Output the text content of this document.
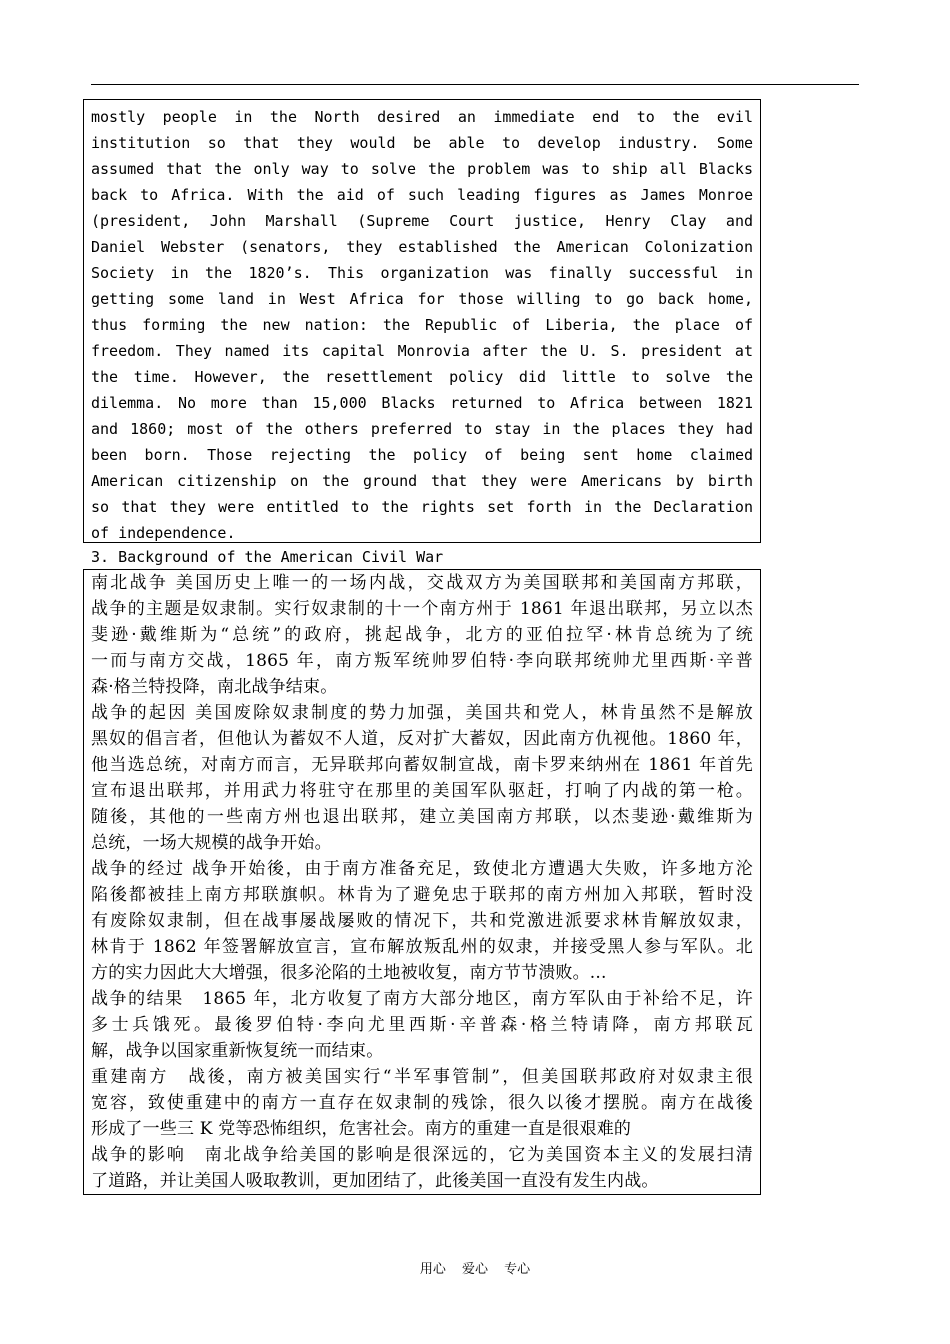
mostly people in the North desired an immediate end to the evil
institution so that they would be able to develop industry. Some
assumed that the only way to solve the problem was to ship all Blacks
back to Africa. With the aid of such leading figures as James Monroe
(president, John Marshall (Supreme Court justice, Henry Clay and
Daniel Webster (senators, they established the American Colonization
Society in the 1820’s. This organization was finally successful in
getting some land in West Africa for those willing to go back home,
thus forming the new nation: the Republic of Liberia, the place of
freedom. They named its capital Monrovia after the U. S. president at
the time. However, the resettlement policy did little to solve the
dilemma. No more than 15,000 Blacks returned to Africa between 1821
and 1860; most of the others preferred to stay in the places they had
been born. Those rejecting the policy of being sent home claimed
American citizenship on the ground that they were Americans by birth
so that they were entitled to the rights set forth in the Declaration
of independence.
3. Background of the American Civil War
南北战争 美国历史上唯一的一场内战，交战双方为美国联邦和美国南方邦联，
战争的主题是奴隶制。实行奴隶制的十一个南方州于 1861 年退出联邦，另立以杰
斐逊·戴维斯为“总统”的政府，挑起战争，北方的亚伯拉罕·林肯总统为了统
一而与南方交战，1865 年，南方叛军统帅罗伯特·李向联邦统帅尤里西斯·辛普
森·格兰特投降，南北战争结束。
战争的起因 美国废除奴隶制度的势力加强，美国共和党人，林肯虽然不是解放
黑奴的倡言者，但他认为蓄奴不人道，反对扩大蓄奴，因此南方仇视他。1860 年，
他当选总统，对南方而言，无异联邦向蓄奴制宣战，南卡罗来纳州在 1861 年首先
宣布退出联邦，并用武力将驻守在那里的美国军队驱赶，打响了内战的第一枪。
随後，其他的一些南方州也退出联邦，建立美国南方邦联，以杰斐逊·戴维斯为
总统，一场大规模的战争开始。
战争的经过 战争开始後，由于南方准备充足，致使北方遭遇大失败，许多地方沦
陷後都被挂上南方邦联旗帜。林肯为了避免忠于联邦的南方州加入邦联，暂时没
有废除奴隶制，但在战事屡战屡败的情况下，共和党激进派要求林肯解放奴隶，
林肯于 1862 年签署解放宣言，宣布解放叛乱州的奴隶，并接受黑人参与军队。北
方的实力因此大大增强，很多沦陷的土地被收复，南方节节溃败。...
战争的结果　1865 年，北方收复了南方大部分地区，南方军队由于补给不足，许
多士兵饿死。最後罗伯特·李向尤里西斯·辛普森·格兰特请降，南方邦联瓦
解，战争以国家重新恢复统一而结束。
重建南方　战後，南方被美国实行“半军事管制”，但美国联邦政府对奴隶主很
宽容，致使重建中的南方一直存在奴隶制的残馀，很久以後才摆脱。南方在战後
形成了一些三 K 党等恐怖组织，危害社会。南方的重建一直是很艰难的
战争的影响　南北战争给美国的影响是很深远的，它为美国资本主义的发展扫清
了道路，并让美国人吸取教训，更加团结了，此後美国一直没有发生内战。
用心 爱心 专心
